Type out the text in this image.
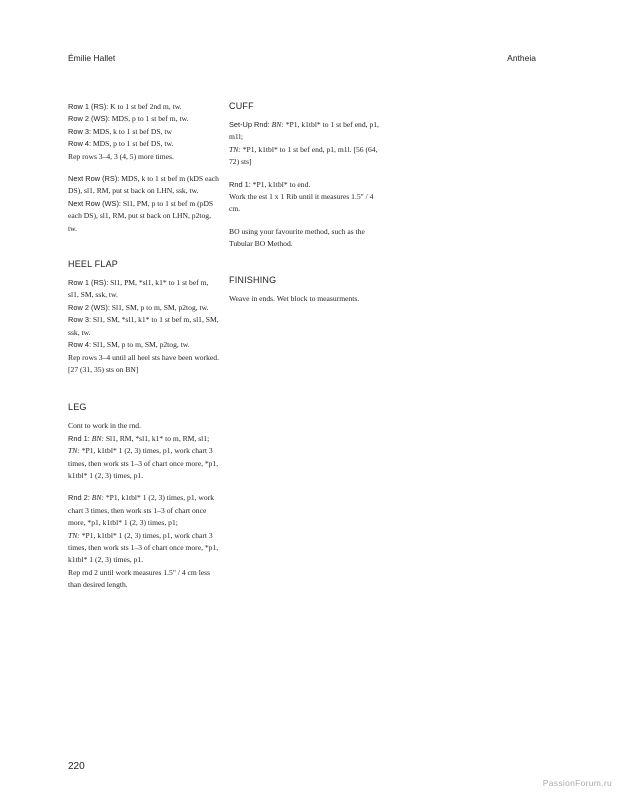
Émilie Hallet	Antheia

Row 1 (RS): K to 1 st bef 2nd m, tw.
Row 2 (WS): MDS, p to 1 st bef m, tw.
Row 3: MDS, k to 1 st bef DS, tw
Row 4: MDS, p to 1 st bef DS, tw.
Rep rows 3–4, 3 (4, 5) more times.

Next Row (RS): MDS, k to 1 st bef m (kDS each DS), sl1, RM, put st back on LHN, ssk, tw.
Next Row (WS): Sl1, PM, p to 1 st bef m (pDS each DS), sl1, RM, put st back on LHN, p2tog, tw.

HEEL FLAP

Row 1 (RS): Sl1, PM, *sl1, k1* to 1 st bef m, sl1, SM, ssk, tw.
Row 2 (WS): Sl1, SM, p to m, SM, p2tog, tw.
Row 3: Sl1, SM, *sl1, k1* to 1 st bef m, sl1, SM, ssk, tw.
Row 4: Sl1, SM, p to m, SM, p2tog, tw.
Rep rows 3–4 until all heel sts have been worked. [27 (31, 35) sts on BN]

LEG

Cont to work in the rnd.
Rnd 1: BN: Sl1, RM, *sl1, k1* to m, RM, sl1;
TN: *P1, k1tbl* 1 (2, 3) times, p1, work chart 3 times, then work sts 1–3 of chart once more, *p1, k1tbl* 1 (2, 3) times, p1.

Rnd 2: BN: *P1, k1tbl* 1 (2, 3) times, p1, work chart 3 times, then work sts 1–3 of chart once more, *p1, k1tbl* 1 (2, 3) times, p1;
TN: *P1, k1tbl* 1 (2, 3) times, p1, work chart 3 times, then work sts 1–3 of chart once more, *p1, k1tbl* 1 (2, 3) times, p1.
Rep rnd 2 until work measures 1.5" / 4 cm less than desired length.

CUFF

Set-Up Rnd: BN: *P1, k1tbl* to 1 st bef end, p1, m1l;
TN: *P1, k1tbl* to 1 st bef end, p1, m1l. [56 (64, 72) sts]

Rnd 1: *P1, k1tbl* to end.
Work the est 1 x 1 Rib until it measures 1.5" / 4 cm.

BO using your favourite method, such as the Tubular BO Method.

FINISHING

Weave in ends. Wet block to measurments.

220
PassionForum.ru
